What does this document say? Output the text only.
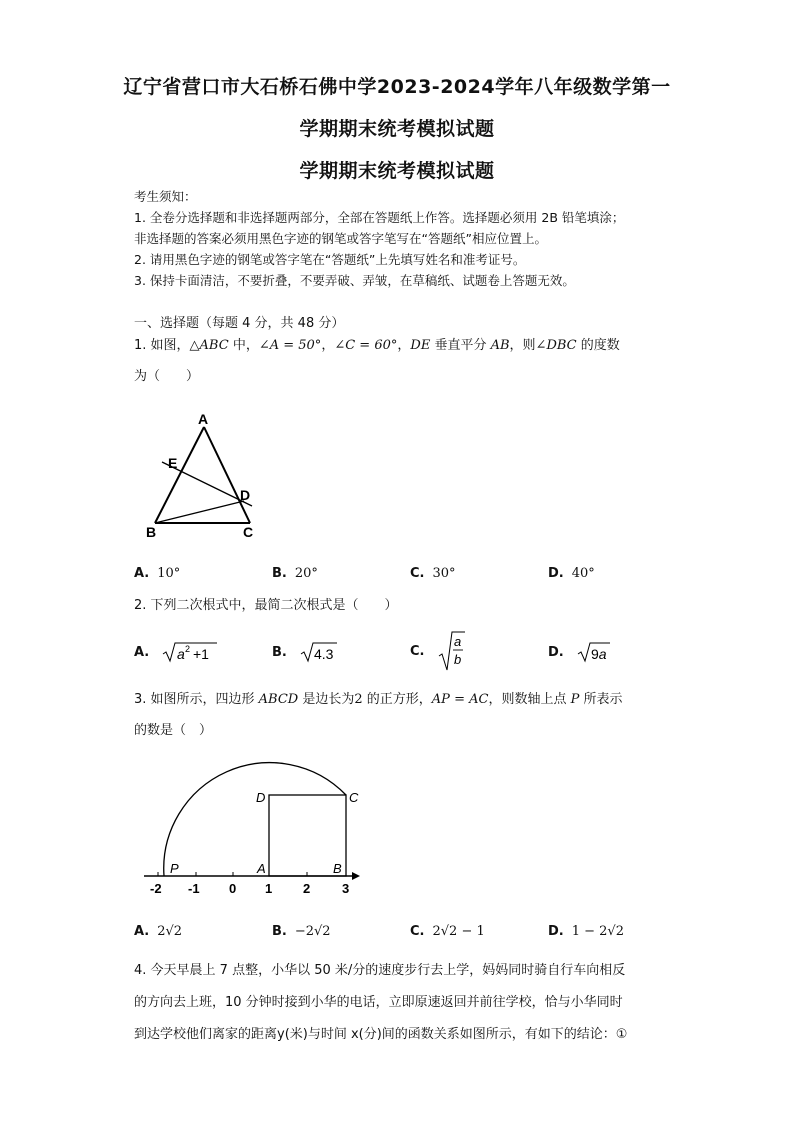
辽宁省营口市大石桥石佛中学2023-2024学年八年级数学第一
学期期末统考模拟试题
学期期末统考模拟试题
考生须知：
1. 全卷分选择题和非选择题两部分，全部在答题纸上作答。选择题必须用 2B 铅笔填涂；
非选择题的答案必须用黑色字迹的钢笔或答字笔写在“答题纸”相应位置上。
2. 请用黑色字迹的钢笔或答字笔在“答题纸”上先填写姓名和准考证号。
3. 保持卡面清洁，不要折叠，不要弄破、弄皱，在草稿纸、试题卷上答题无效。
一、选择题（每题 4 分，共 48 分）
1. 如图，△ABC 中，∠A = 50°，∠C = 60°，DE 垂直平分 AB，则∠DBC 的度数
为（　　）
A
E
D
B	C
A. 10°	B. 20°	C. 30°	D. 40°
2. 下列二次根式中，最简二次根式是（　　）
A. a 2 +1	B. 4.3	C.
a
b	D. 9a
3. 如图所示，四边形 ABCD 是边长为2 的正方形，AP = AC，则数轴上点 P 所表示
的数是（　）
-2 -1 0 1 2 3
D	C
P	A	B
A. 2√2	B. −2√2	C. 2√2 − 1	D. 1 − 2√2
4. 今天早晨上 7 点整，小华以 50 米/分的速度步行去上学，妈妈同时骑自行车向相反
的方向去上班，10 分钟时接到小华的电话，立即原速返回并前往学校，恰与小华同时
到达学校他们离家的距离y(米)与时间 x(分)间的函数关系如图所示，有如下的结论：①
